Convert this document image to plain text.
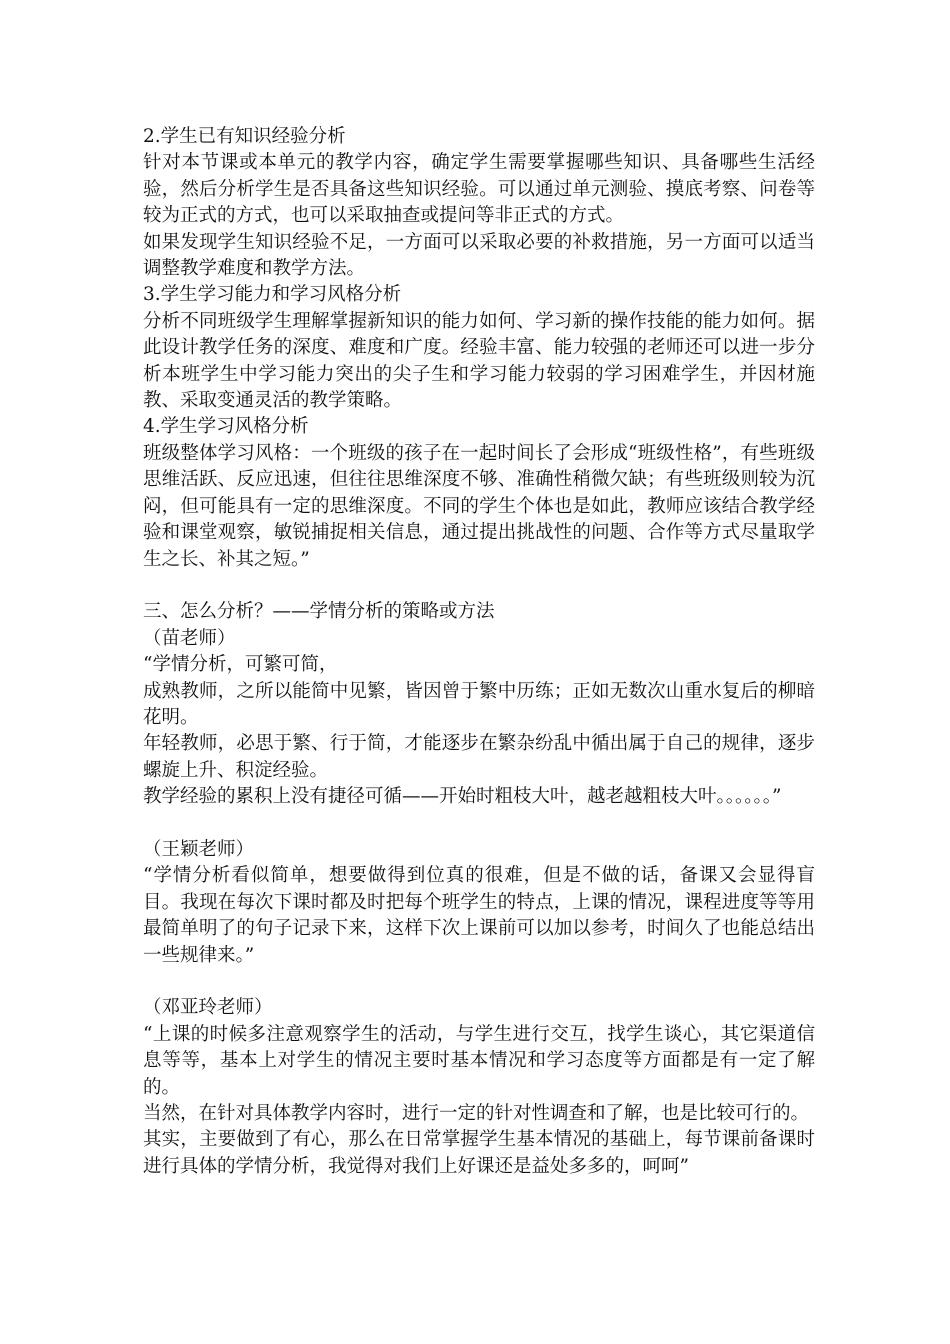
2.学生已有知识经验分析

针对本节课或本单元的教学内容，确定学生需要掌握哪些知识、具备哪些生活经验，然后分析学生是否具备这些知识经验。可以通过单元测验、摸底考察、问卷等较为正式的方式，也可以采取抽查或提问等非正式的方式。

如果发现学生知识经验不足，一方面可以采取必要的补救措施，另一方面可以适当调整教学难度和教学方法。

3.学生学习能力和学习风格分析

分析不同班级学生理解掌握新知识的能力如何、学习新的操作技能的能力如何。据此设计教学任务的深度、难度和广度。经验丰富、能力较强的老师还可以进一步分析本班学生中学习能力突出的尖子生和学习能力较弱的学习困难学生，并因材施教、采取变通灵活的教学策略。

4.学生学习风格分析

班级整体学习风格：一个班级的孩子在一起时间长了会形成“班级性格”，有些班级思维活跃、反应迅速，但往往思维深度不够、准确性稍微欠缺；有些班级则较为沉闷，但可能具有一定的思维深度。不同的学生个体也是如此，教师应该结合教学经验和课堂观察，敏锐捕捉相关信息，通过提出挑战性的问题、合作等方式尽量取学生之长、补其之短。”

三、怎么分析？——学情分析的策略或方法

（苗老师）

“学情分析，可繁可简，

成熟教师，之所以能简中见繁，皆因曾于繁中历练；正如无数次山重水复后的柳暗花明。

年轻教师，必思于繁、行于简，才能逐步在繁杂纷乱中循出属于自己的规律，逐步螺旋上升、积淀经验。

教学经验的累积上没有捷径可循——开始时粗枝大叶，越老越粗枝大叶。。。。。。”

（王颖老师）

“学情分析看似简单，想要做得到位真的很难，但是不做的话，备课又会显得盲目。我现在每次下课时都及时把每个班学生的特点，上课的情况，课程进度等等用最简单明了的句子记录下来，这样下次上课前可以加以参考，时间久了也能总结出一些规律来。”

（邓亚玲老师）

“上课的时候多注意观察学生的活动，与学生进行交互，找学生谈心，其它渠道信息等等，基本上对学生的情况主要时基本情况和学习态度等方面都是有一定了解的。

当然，在针对具体教学内容时，进行一定的针对性调查和了解，也是比较可行的。

其实，主要做到了有心，那么在日常掌握学生基本情况的基础上，每节课前备课时进行具体的学情分析，我觉得对我们上好课还是益处多多的，呵呵”
